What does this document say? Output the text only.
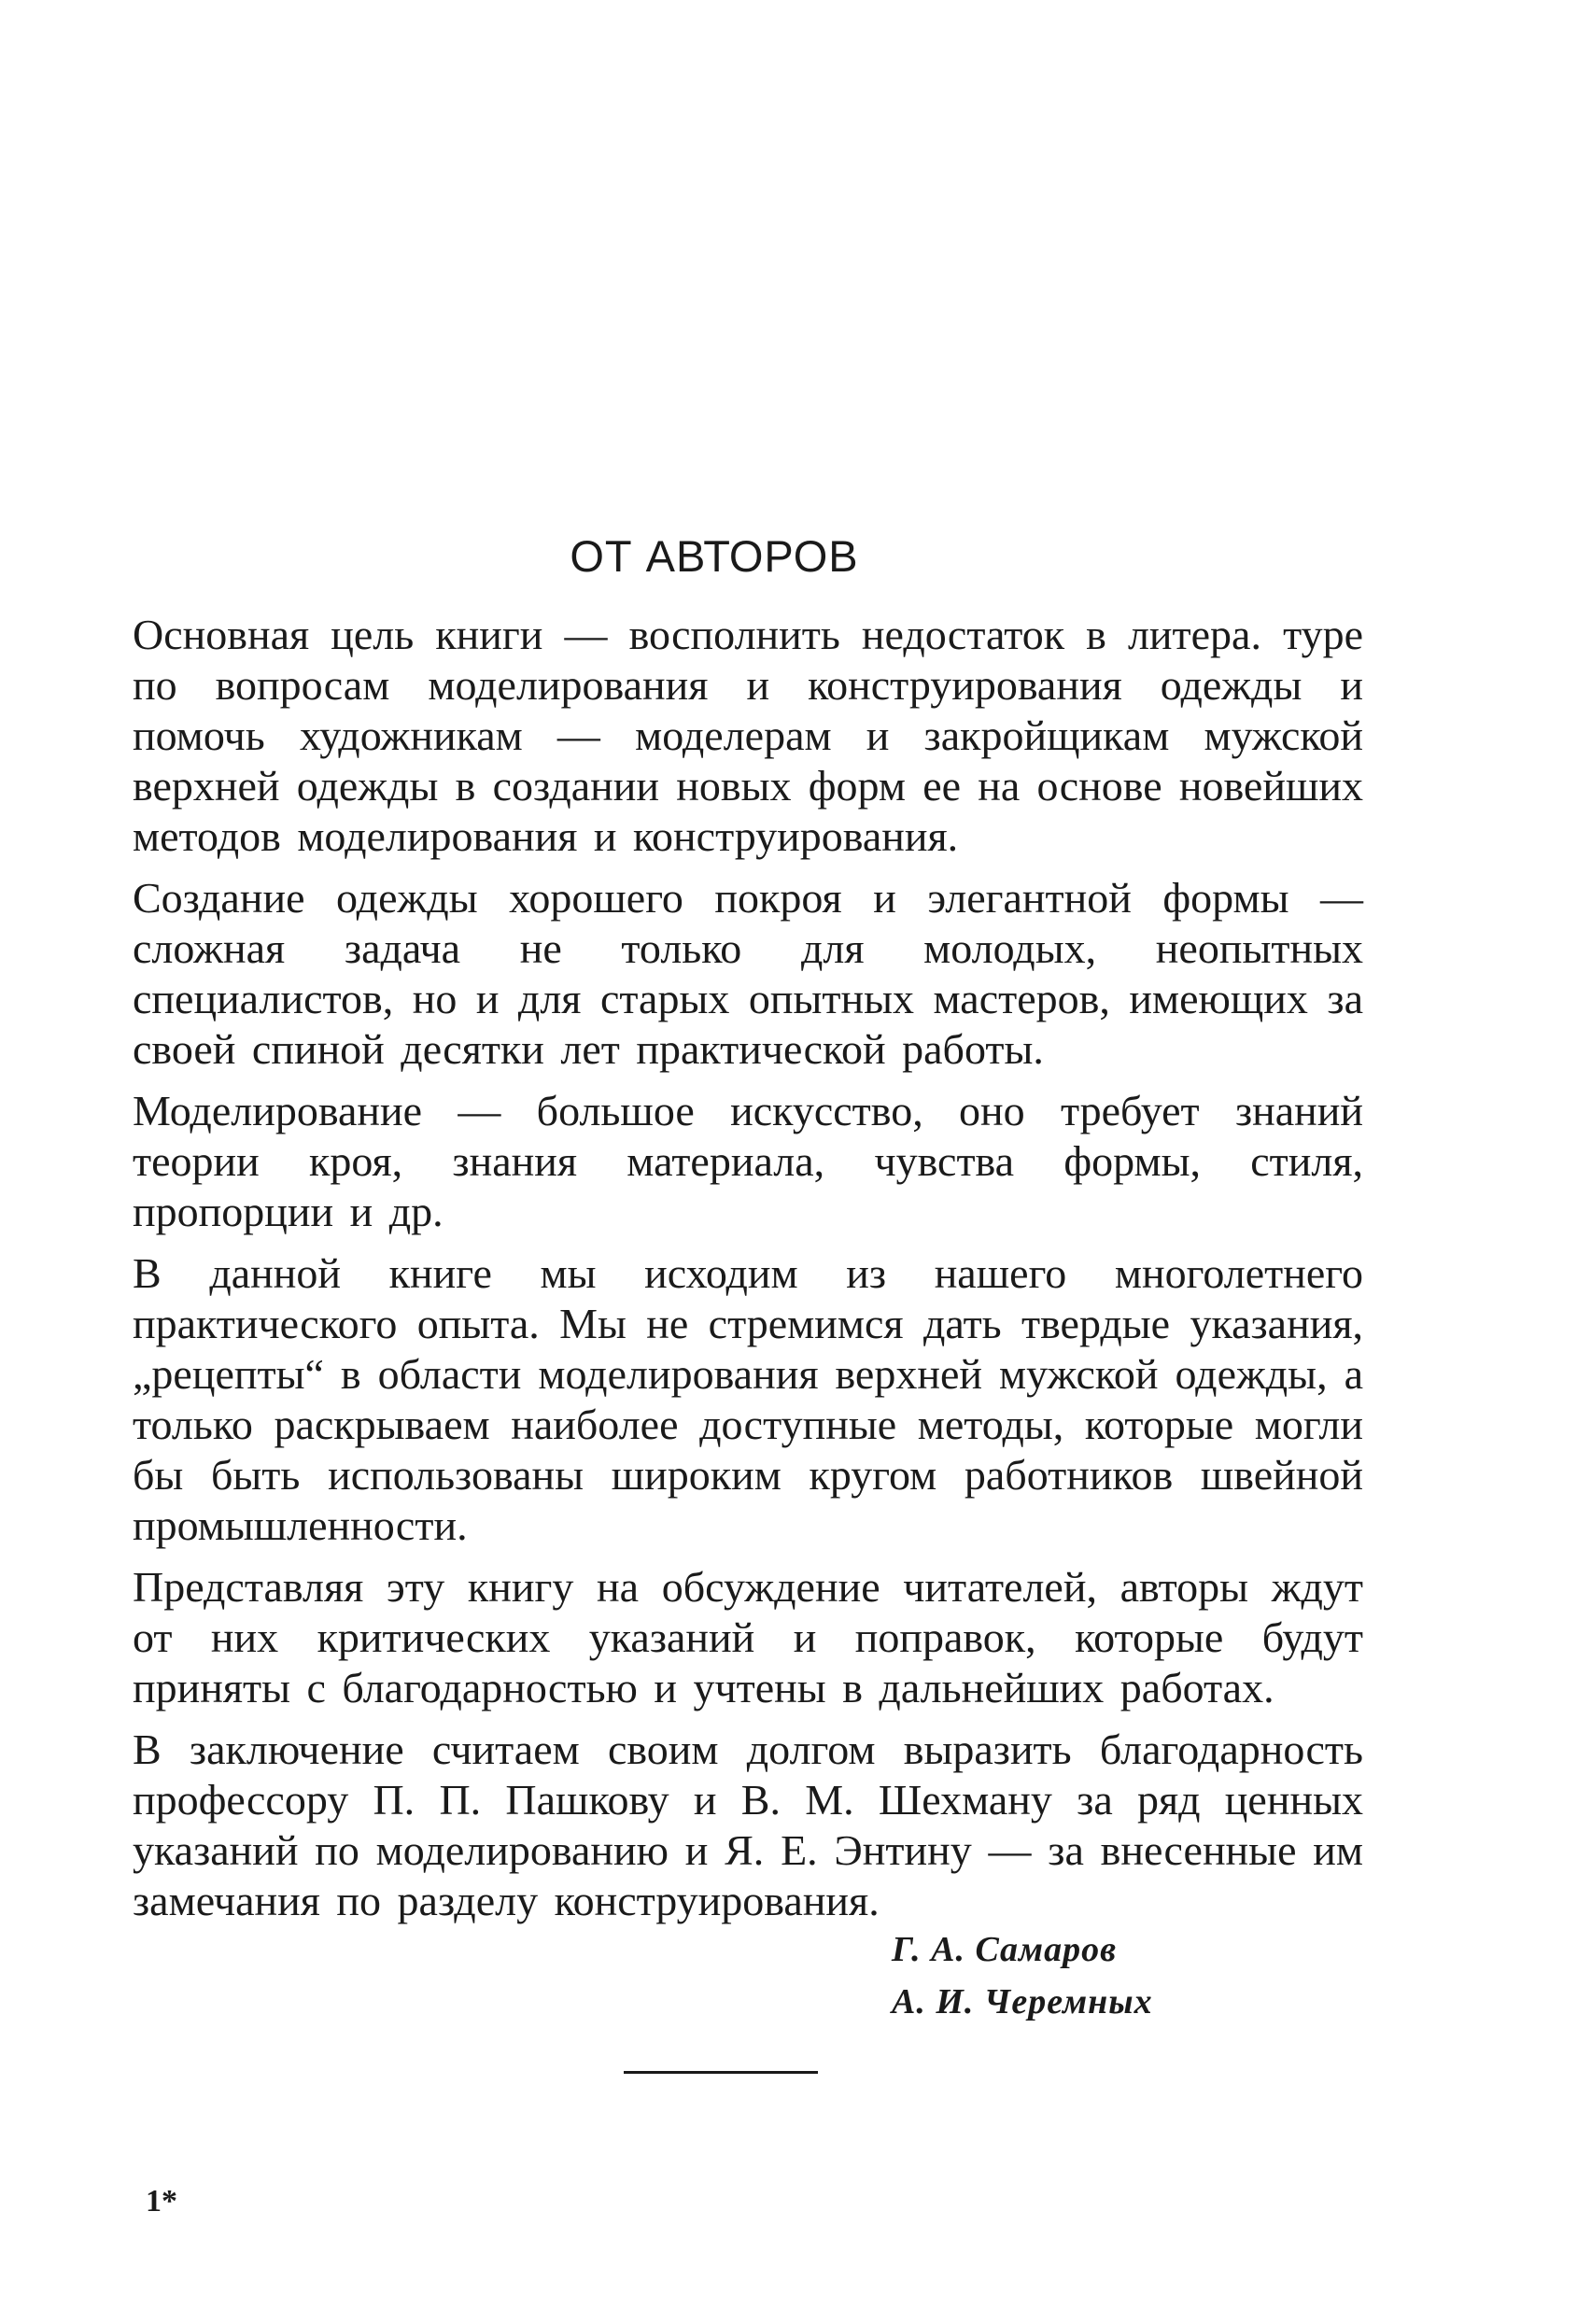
ОТ АВТОРОВ

Основная цель книги — восполнить недостаток в литера. туре по вопросам моделирования и конструирования одежды и помочь художникам — моделерам и закройщикам мужской верхней одежды в создании новых форм ее на основе новейших методов моделирования и конструирования.

Создание одежды хорошего покроя и элегантной формы — сложная задача не только для молодых, неопытных специалистов, но и для старых опытных мастеров, имеющих за своей спиной десятки лет практической работы.

Моделирование — большое искусство, оно требует знаний теории кроя, знания материала, чувства формы, стиля, пропорции и др.

В данной книге мы исходим из нашего многолетнего практического опыта. Мы не стремимся дать твердые указания, „рецепты“ в области моделирования верхней мужской одежды, а только раскрываем наиболее доступные методы, которые могли бы быть использованы широким кругом работников швейной промышленности.

Представляя эту книгу на обсуждение читателей, авторы ждут от них критических указаний и поправок, которые будут приняты с благодарностью и учтены в дальнейших работах.

В заключение считаем своим долгом выразить благодарность профессору П. П. Пашкову и В. М. Шехману за ряд ценных указаний по моделированию и Я. Е. Энтину — за внесенные им замечания по разделу конструирования.

Г. А. Самаров

А. И. Черемных

1*
